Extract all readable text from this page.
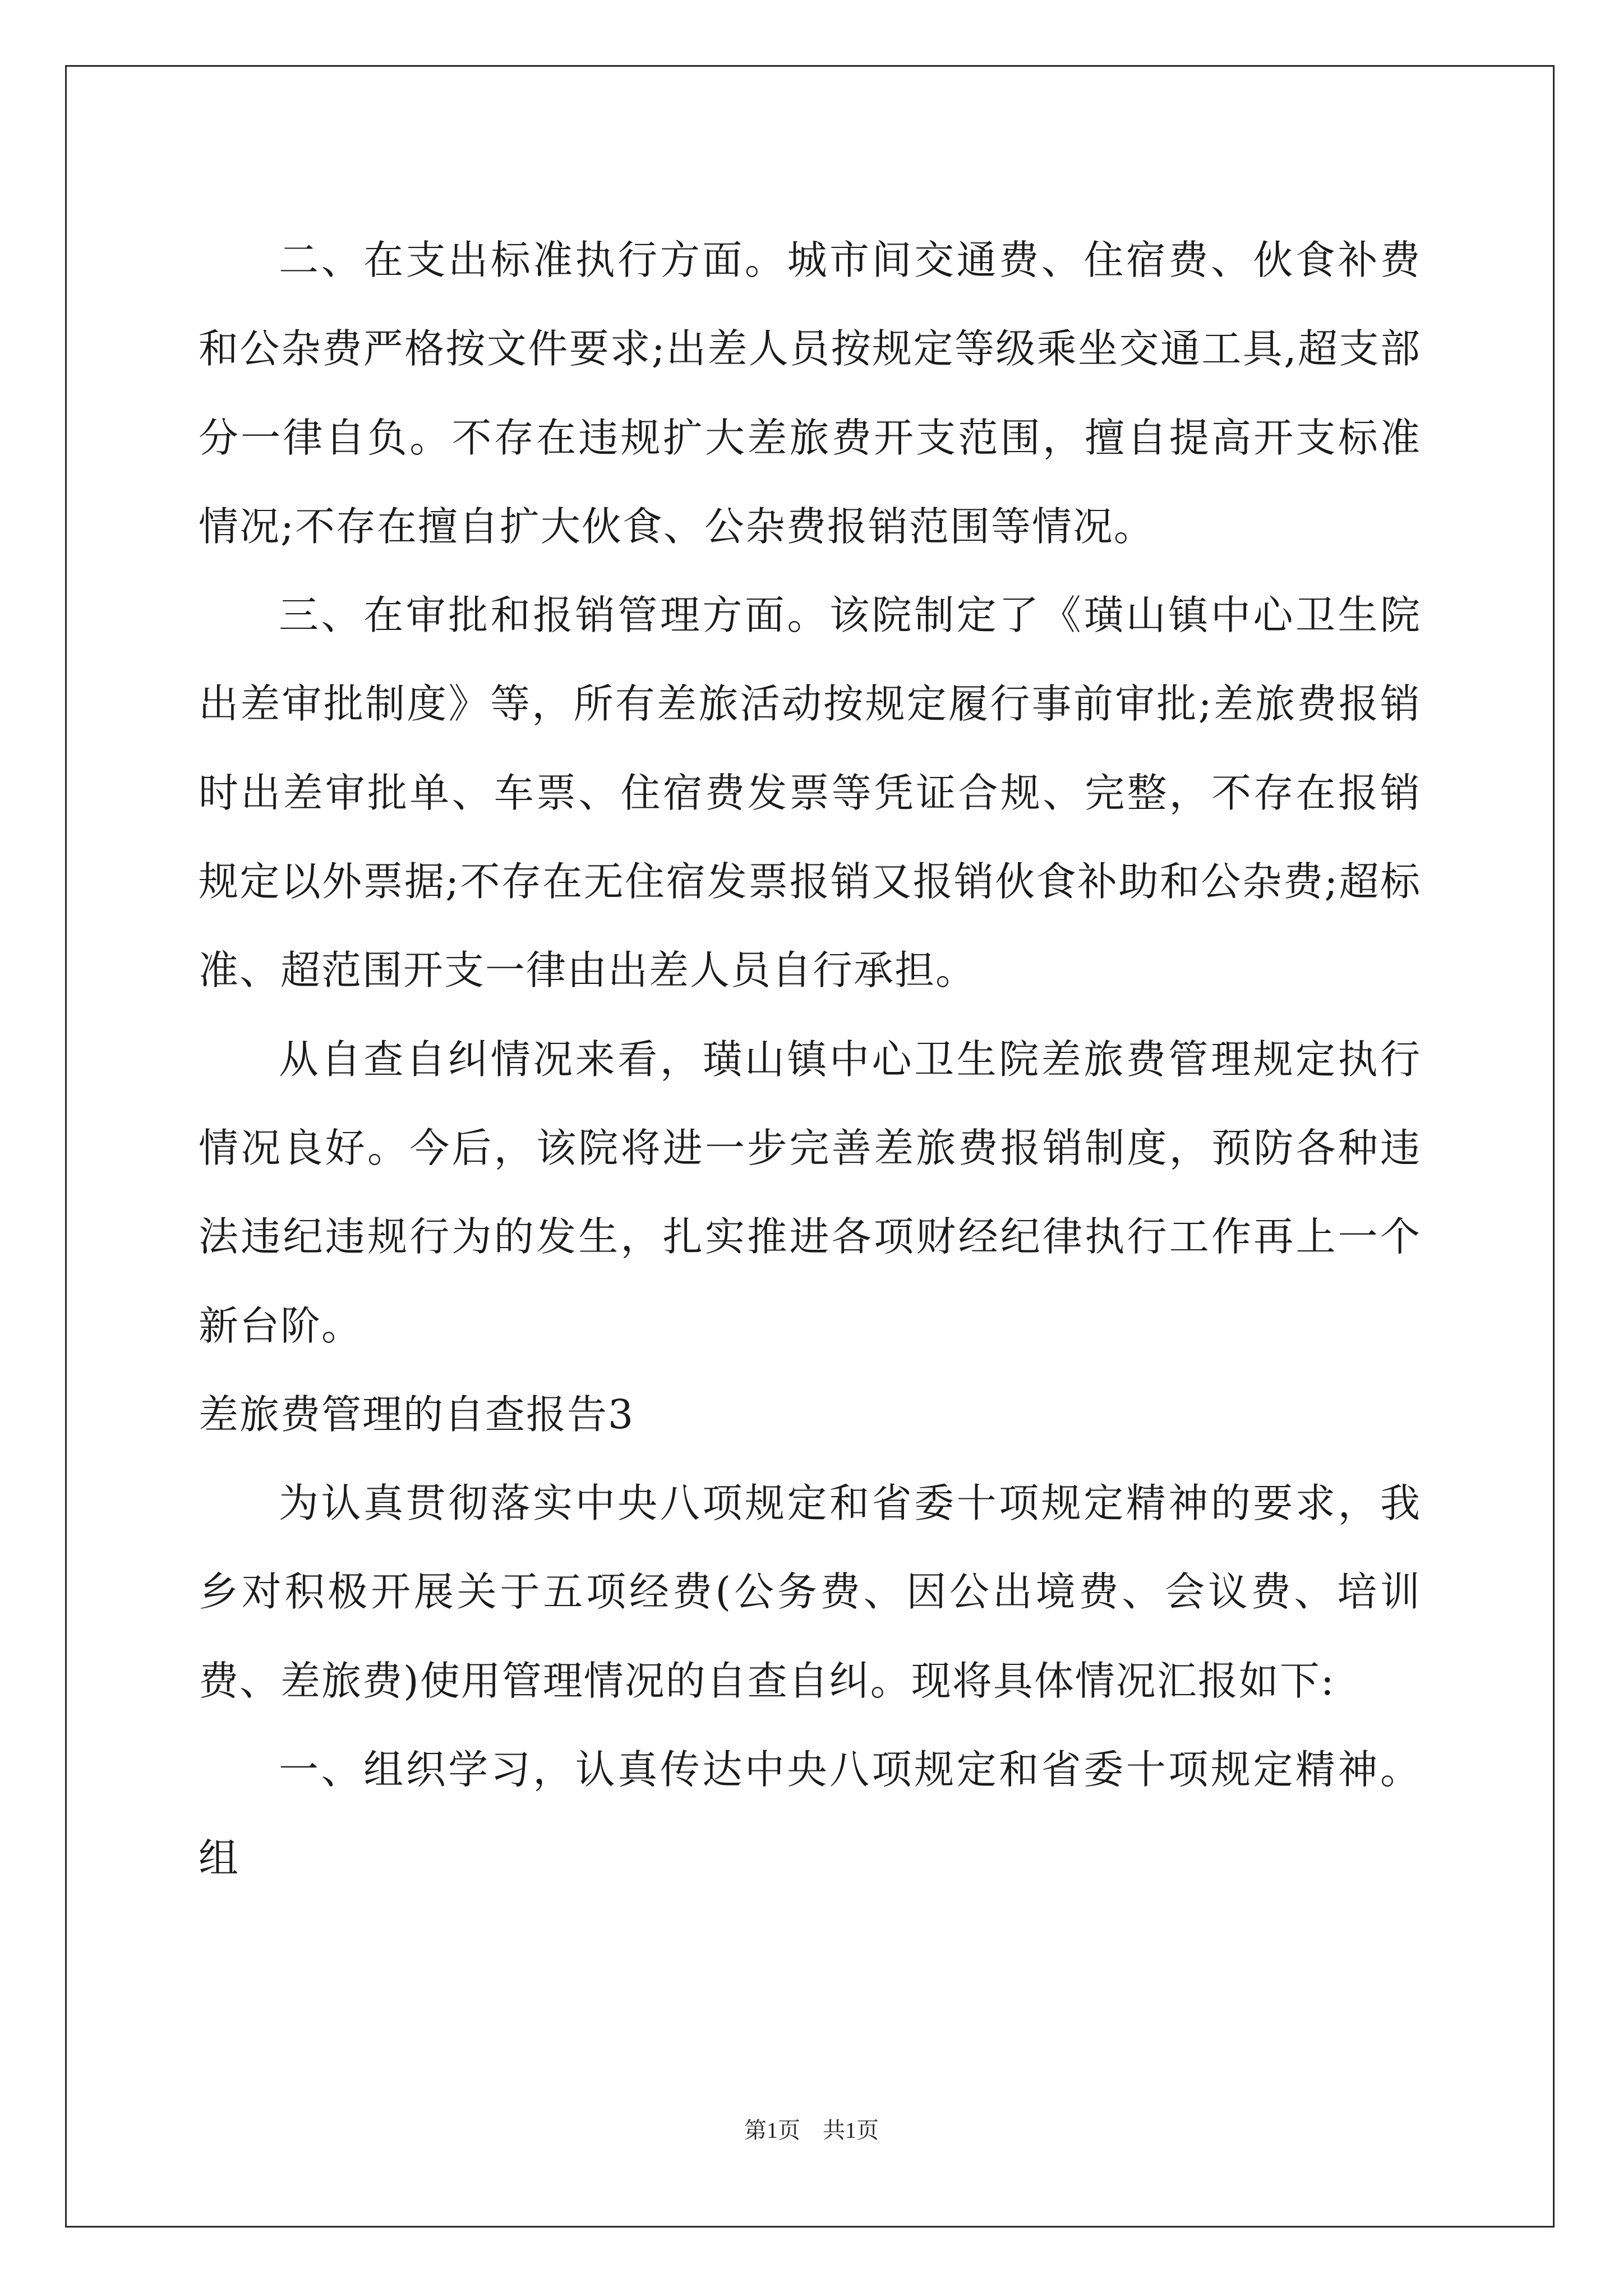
二、在支出标准执行方面。城市间交通费、住宿费、伙食补费和公杂费严格按文件要求;出差人员按规定等级乘坐交通工具,超支部分一律自负。不存在违规扩大差旅费开支范围，擅自提高开支标准情况;不存在擅自扩大伙食、公杂费报销范围等情况。

三、在审批和报销管理方面。该院制定了《璜山镇中心卫生院出差审批制度》等，所有差旅活动按规定履行事前审批;差旅费报销时出差审批单、车票、住宿费发票等凭证合规、完整，不存在报销规定以外票据;不存在无住宿发票报销又报销伙食补助和公杂费;超标准、超范围开支一律由出差人员自行承担。

从自查自纠情况来看，璜山镇中心卫生院差旅费管理规定执行情况良好。今后，该院将进一步完善差旅费报销制度，预防各种违法违纪违规行为的发生，扎实推进各项财经纪律执行工作再上一个新台阶。

差旅费管理的自查报告3

为认真贯彻落实中央八项规定和省委十项规定精神的要求，我乡对积极开展关于五项经费(公务费、因公出境费、会议费、培训费、差旅费)使用管理情况的自查自纠。现将具体情况汇报如下:

一、组织学习，认真传达中央八项规定和省委十项规定精神。组

第1页　共1页
